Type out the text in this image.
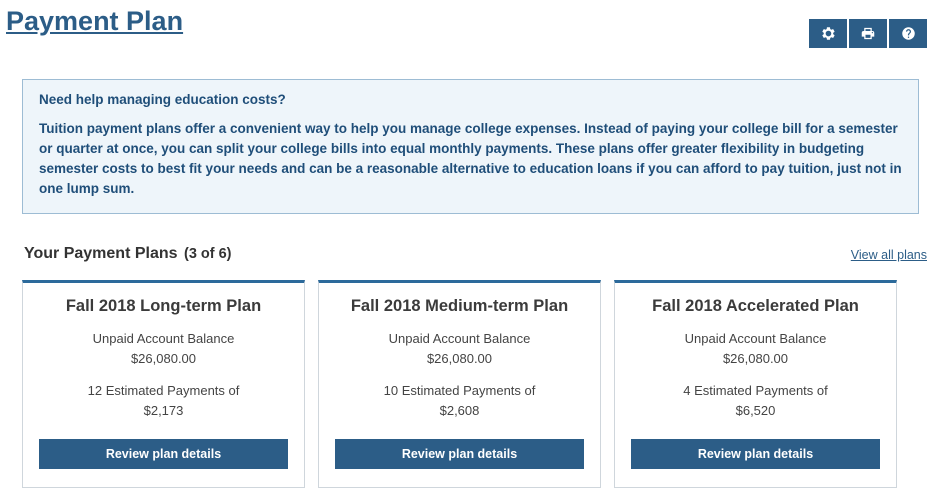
Payment Plan
Need help managing education costs?
Tuition payment plans offer a convenient way to help you manage college expenses. Instead of paying your college bill for a semester or quarter at once, you can split your college bills into equal monthly payments. These plans offer greater flexibility in budgeting semester costs to best fit your needs and can be a reasonable alternative to education loans if you can afford to pay tuition, just not in one lump sum.
Your Payment Plans (3 of 6)	View all plans
Fall 2018 Long-term Plan
Unpaid Account Balance
$26,080.00
12 Estimated Payments of
$2,173
Review plan details
Fall 2018 Medium-term Plan
Unpaid Account Balance
$26,080.00
10 Estimated Payments of
$2,608
Review plan details
Fall 2018 Accelerated Plan
Unpaid Account Balance
$26,080.00
4 Estimated Payments of
$6,520
Review plan details
